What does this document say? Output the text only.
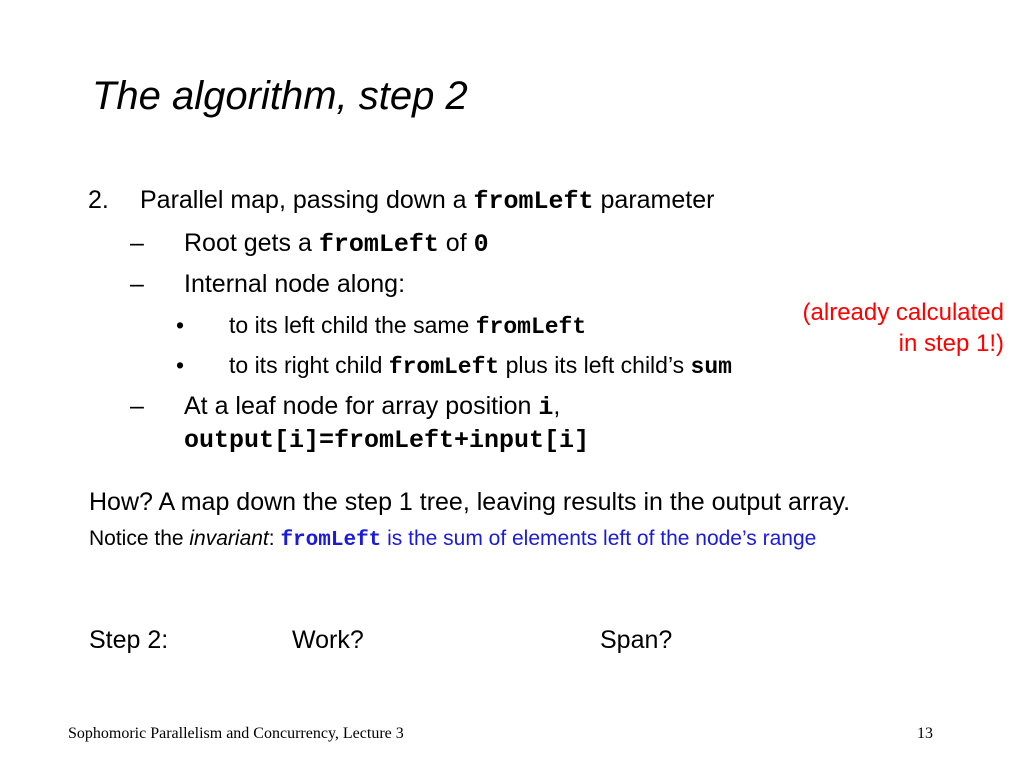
The algorithm, step 2
2. Parallel map, passing down a fromLeft parameter
– Root gets a fromLeft of 0
– Internal node along:
• to its left child the same fromLeft
• to its right child fromLeft plus its left child’s sum
– At a leaf node for array position i,
output[i]=fromLeft+input[i]
(already calculated
in step 1!)
How? A map down the step 1 tree, leaving results in the output array.
Notice the invariant: fromLeft is the sum of elements left of the node’s range
Step 2:	Work?	Span?
Sophomoric Parallelism and Concurrency, Lecture 3	13
